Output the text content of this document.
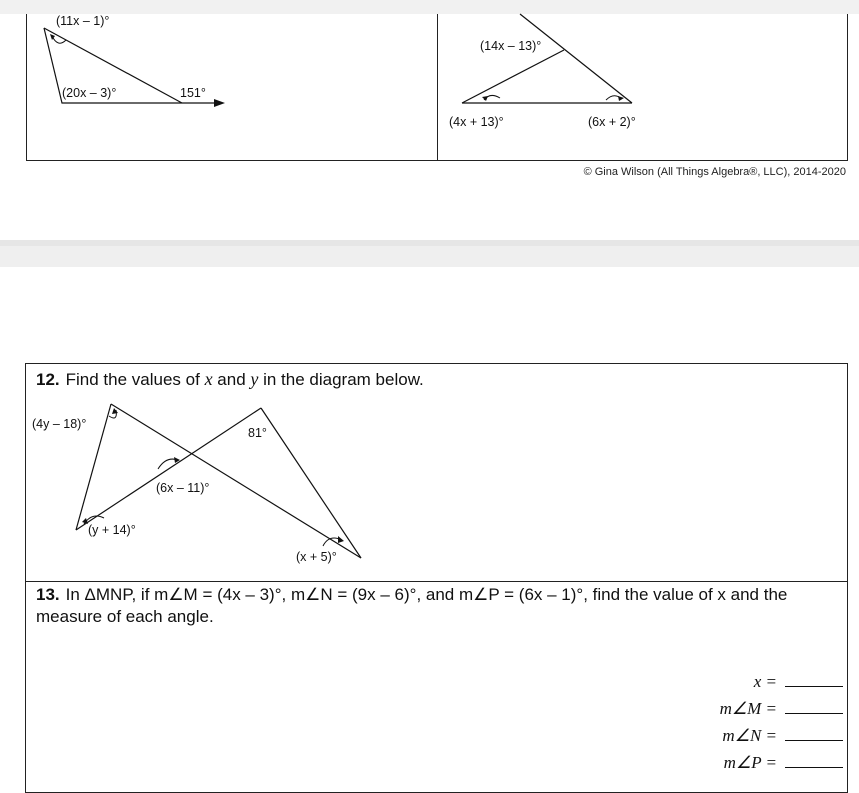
(11x – 1)°
(20x – 3)°	151°
(14x – 13)°
(4x + 13)°	(6x + 2)°
© Gina Wilson (All Things Algebra®, LLC), 2014-2020
12. Find the values of x and y in the diagram below.
(4y – 18)°
81°
(6x – 11)°
(y + 14)°
(x + 5)°
13. In ΔMNP, if m∠M = (4x – 3)°, m∠N = (9x – 6)°, and m∠P = (6x – 1)°, find the value of x and the measure of each angle.
x =
m∠M =
m∠N =
m∠P =
